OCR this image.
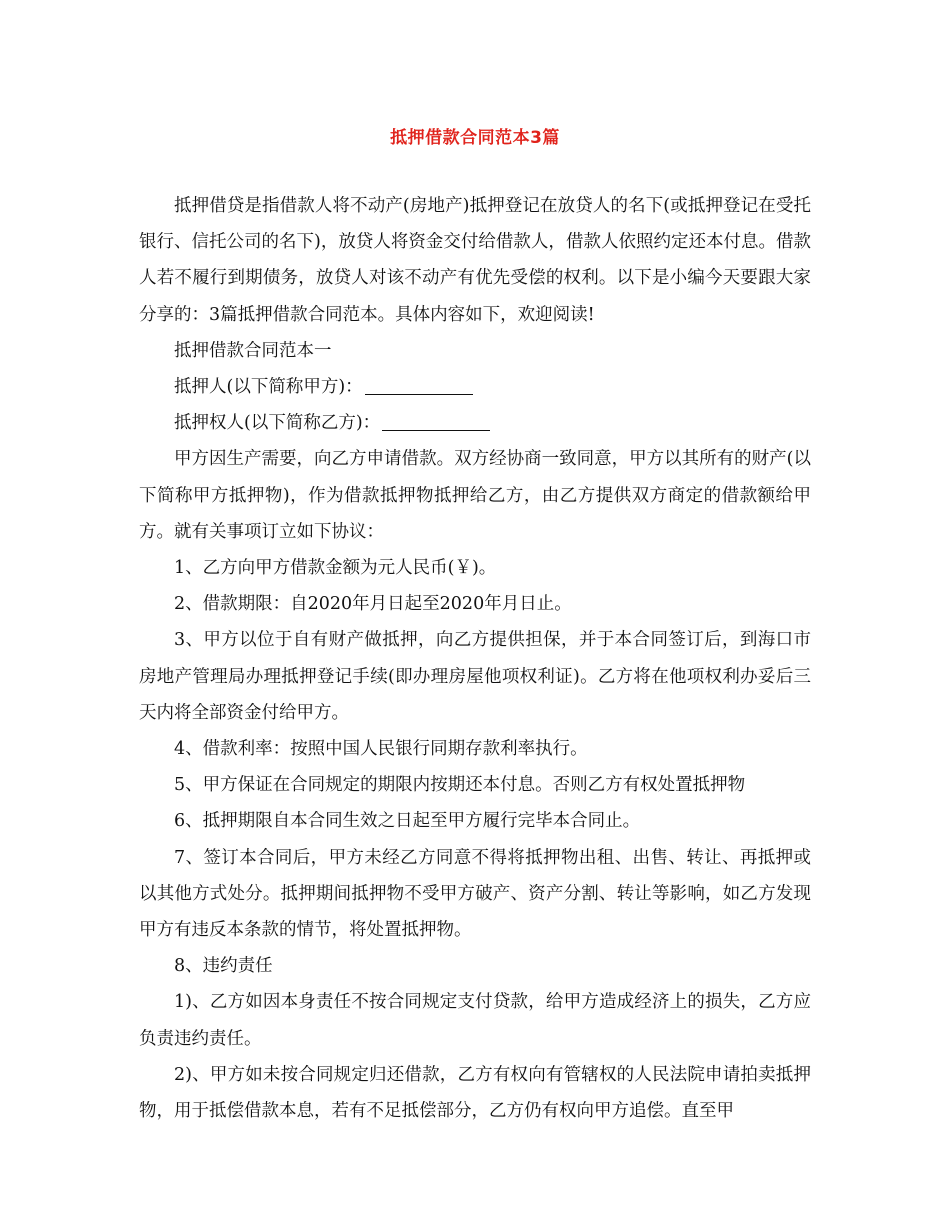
抵押借款合同范本3篇

抵押借贷是指借款人将不动产(房地产)抵押登记在放贷人的名下(或抵押登记在受托银行、信托公司的名下)，放贷人将资金交付给借款人，借款人依照约定还本付息。借款人若不履行到期债务，放贷人对该不动产有优先受偿的权利。以下是小编今天要跟大家分享的：3篇抵押借款合同范本。具体内容如下，欢迎阅读!

抵押借款合同范本一

抵押人(以下简称甲方)：

抵押权人(以下简称乙方)：

甲方因生产需要，向乙方申请借款。双方经协商一致同意，甲方以其所有的财产(以下简称甲方抵押物)，作为借款抵押物抵押给乙方，由乙方提供双方商定的借款额给甲方。就有关事项订立如下协议：

1、乙方向甲方借款金额为元人民币(￥)。

2、借款期限：自2020年月日起至2020年月日止。

3、甲方以位于自有财产做抵押，向乙方提供担保，并于本合同签订后，到海口市房地产管理局办理抵押登记手续(即办理房屋他项权利证)。乙方将在他项权利办妥后三天内将全部资金付给甲方。

4、借款利率：按照中国人民银行同期存款利率执行。

5、甲方保证在合同规定的期限内按期还本付息。否则乙方有权处置抵押物

6、抵押期限自本合同生效之日起至甲方履行完毕本合同止。

7、签订本合同后，甲方未经乙方同意不得将抵押物出租、出售、转让、再抵押或以其他方式处分。抵押期间抵押物不受甲方破产、资产分割、转让等影响，如乙方发现甲方有违反本条款的情节，将处置抵押物。

8、违约责任

1)、乙方如因本身责任不按合同规定支付贷款，给甲方造成经济上的损失，乙方应负责违约责任。

2)、甲方如未按合同规定归还借款，乙方有权向有管辖权的人民法院申请拍卖抵押物，用于抵偿借款本息，若有不足抵偿部分，乙方仍有权向甲方追偿。直至甲
